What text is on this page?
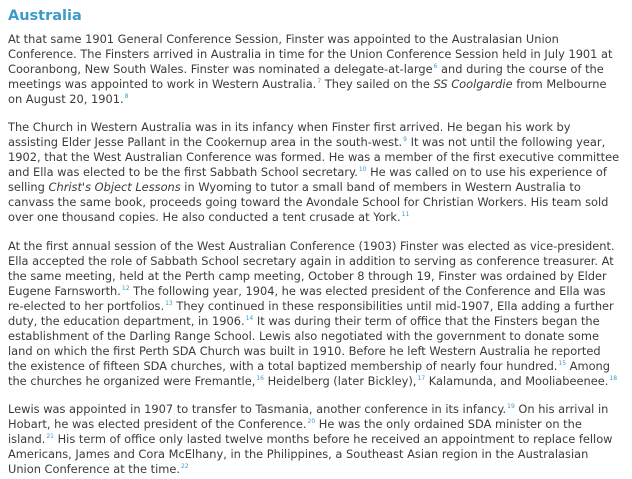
Australia

At that same 1901 General Conference Session, Finster was appointed to the Australasian Union Conference. The Finsters arrived in Australia in time for the Union Conference Session held in July 1901 at Cooranbong, New South Wales. Finster was nominated a delegate-at-large$^6$ and during the course of the meetings was appointed to work in Western Australia.$^7$ They sailed on the SS Coolgardie from Melbourne on August 20, 1901.$^8$

The Church in Western Australia was in its infancy when Finster first arrived. He began his work by assisting Elder Jesse Pallant in the Cookernup area in the south-west.$^9$ It was not until the following year, 1902, that the West Australian Conference was formed. He was a member of the first executive committee and Ella was elected to be the first Sabbath School secretary.$^{10}$ He was called on to use his experience of selling Christ's Object Lessons in Wyoming to tutor a small band of members in Western Australia to canvass the same book, proceeds going toward the Avondale School for Christian Workers. His team sold over one thousand copies. He also conducted a tent crusade at York.$^{11}$

At the first annual session of the West Australian Conference (1903) Finster was elected as vice-president. Ella accepted the role of Sabbath School secretary again in addition to serving as conference treasurer. At the same meeting, held at the Perth camp meeting, October 8 through 19, Finster was ordained by Elder Eugene Farnsworth.$^{12}$ The following year, 1904, he was elected president of the Conference and Ella was re-elected to her portfolios.$^{13}$ They continued in these responsibilities until mid-1907, Ella adding a further duty, the education department, in 1906.14 It was during their term of office that the Finsters began the establishment of the Darling Range School. Lewis also negotiated with the government to donate some land on which the first Perth SDA Church was built in 1910. Before he left Western Australia he reported the existence of fifteen SDA churches, with a total baptized membership of nearly four hundred.$^{15}$ Among the churches he organized were Fremantle,$^{16}$ Heidelberg (later Bickley),$^{17}$ Kalamunda, and Mooliabeenee.$^{18}$

Lewis was appointed in 1907 to transfer to Tasmania, another conference in its infancy.$^{19}$ On his arrival in Hobart, he was elected president of the Conference.$^{20}$ He was the only ordained SDA minister on the island.$^{21}$ His term of office only lasted twelve months before he received an appointment to replace fellow Americans, James and Cora McElhany, in the Philippines, a Southeast Asian region in the Australasian Union Conference at the time.$^{22}$
